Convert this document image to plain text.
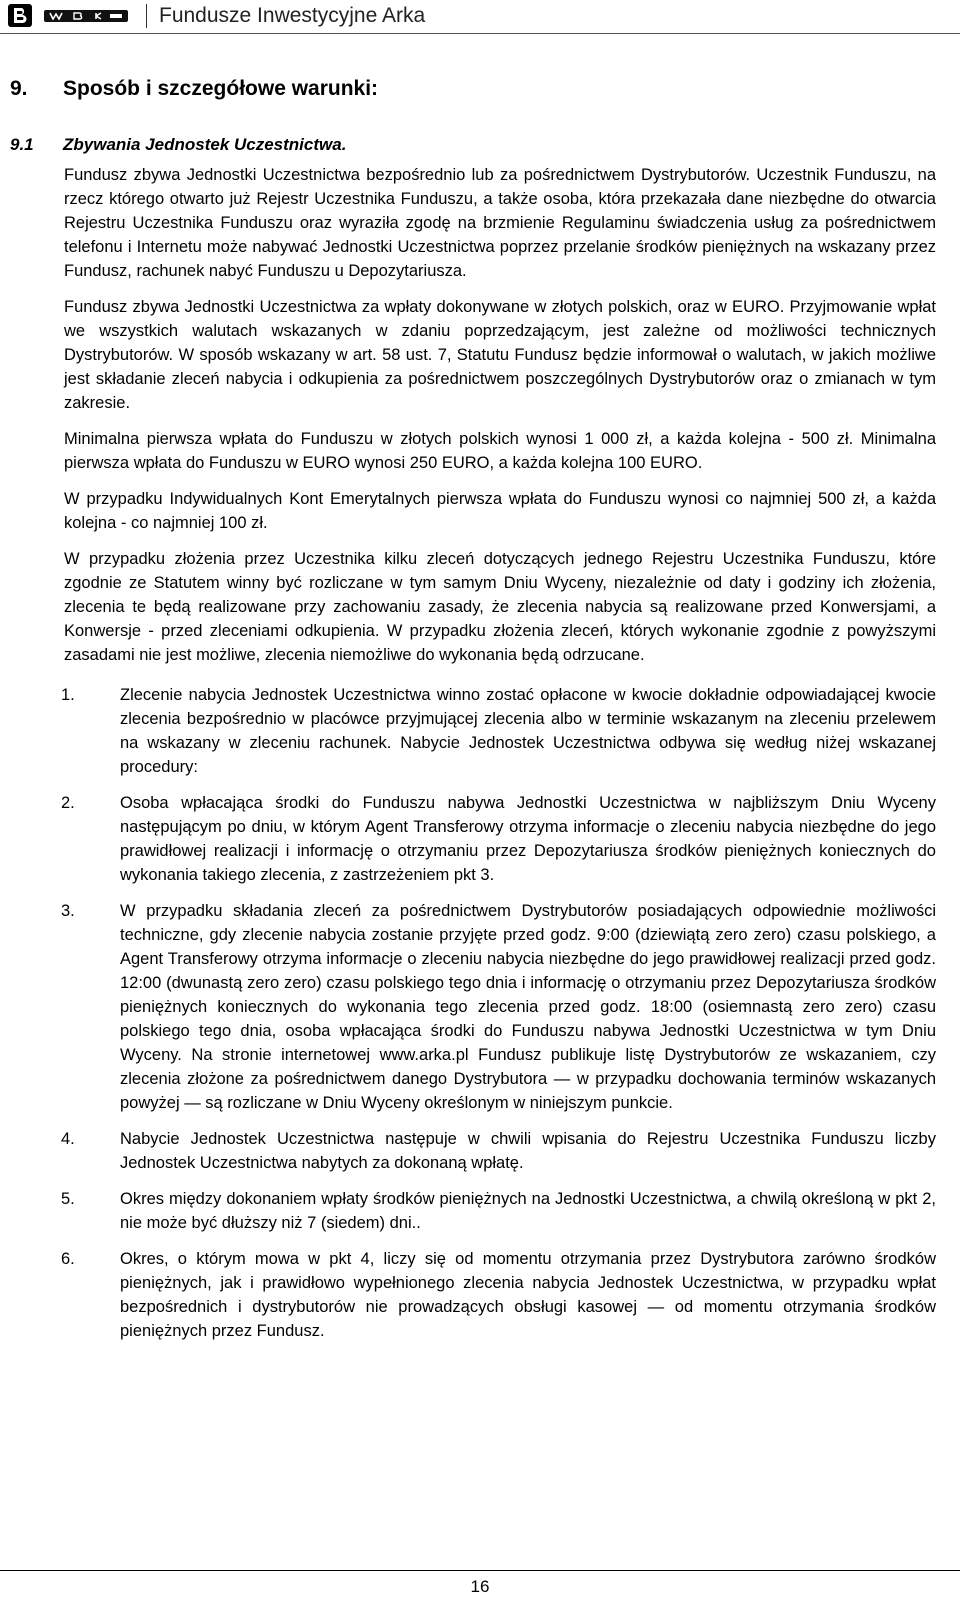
Fundusze Inwestycyjne Arka
9. Sposób i szczegółowe warunki:
9.1 Zbywania Jednostek Uczestnictwa.

Fundusz zbywa Jednostki Uczestnictwa bezpośrednio lub za pośrednictwem Dystrybutorów. Uczestnik Funduszu, na rzecz którego otwarto już Rejestr Uczestnika Funduszu, a także osoba, która przekazała dane niezbędne do otwarcia Rejestru Uczestnika Funduszu oraz wyraziła zgodę na brzmienie Regulaminu świadczenia usług za pośrednictwem telefonu i Internetu może nabywać Jednostki Uczestnictwa poprzez przelanie środków pieniężnych na wskazany przez Fundusz, rachunek nabyć Funduszu u Depozytariusza.

Fundusz zbywa Jednostki Uczestnictwa za wpłaty dokonywane w złotych polskich, oraz w EURO. Przyjmowanie wpłat we wszystkich walutach wskazanych w zdaniu poprzedzającym, jest zależne od możliwości technicznych Dystrybutorów. W sposób wskazany w art. 58 ust. 7, Statutu Fundusz będzie informował o walutach, w jakich możliwe jest składanie zleceń nabycia i odkupienia za pośrednictwem poszczególnych Dystrybutorów oraz o zmianach w tym zakresie.

Minimalna pierwsza wpłata do Funduszu w złotych polskich wynosi 1 000 zł, a każda kolejna - 500 zł. Minimalna pierwsza wpłata do Funduszu w EURO wynosi 250 EURO, a każda kolejna 100 EURO.

W przypadku Indywidualnych Kont Emerytalnych pierwsza wpłata do Funduszu wynosi co najmniej 500 zł, a każda kolejna - co najmniej 100 zł.

W przypadku złożenia przez Uczestnika kilku zleceń dotyczących jednego Rejestru Uczestnika Funduszu, które zgodnie ze Statutem winny być rozliczane w tym samym Dniu Wyceny, niezależnie od daty i godziny ich złożenia, zlecenia te będą realizowane przy zachowaniu zasady, że zlecenia nabycia są realizowane przed Konwersjami, a Konwersje - przed zleceniami odkupienia. W przypadku złożenia zleceń, których wykonanie zgodnie z powyższymi zasadami nie jest możliwe, zlecenia niemożliwe do wykonania będą odrzucane.

1.	Zlecenie nabycia Jednostek Uczestnictwa winno zostać opłacone w kwocie dokładnie odpowiadającej kwocie zlecenia bezpośrednio w placówce przyjmującej zlecenia albo w terminie wskazanym na zleceniu przelewem na wskazany w zleceniu rachunek. Nabycie Jednostek Uczestnictwa odbywa się według niżej wskazanej procedury:
2.	Osoba wpłacająca środki do Funduszu nabywa Jednostki Uczestnictwa w najbliższym Dniu Wyceny następującym po dniu, w którym Agent Transferowy otrzyma informacje o zleceniu nabycia niezbędne do jego prawidłowej realizacji i informację o otrzymaniu przez Depozytariusza środków pieniężnych koniecznych do wykonania takiego zlecenia, z zastrzeżeniem pkt 3.
3.	W przypadku składania zleceń za pośrednictwem Dystrybutorów posiadających odpowiednie możliwości techniczne, gdy zlecenie nabycia zostanie przyjęte przed godz. 9:00 (dziewiątą zero zero) czasu polskiego, a Agent Transferowy otrzyma informacje o zleceniu nabycia niezbędne do jego prawidłowej realizacji przed godz. 12:00 (dwunastą zero zero) czasu polskiego tego dnia i informację o otrzymaniu przez Depozytariusza środków pieniężnych koniecznych do wykonania tego zlecenia przed godz. 18:00 (osiemnastą zero zero) czasu polskiego tego dnia, osoba wpłacająca środki do Funduszu nabywa Jednostki Uczestnictwa w tym Dniu Wyceny. Na stronie internetowej www.arka.pl Fundusz publikuje listę Dystrybutorów ze wskazaniem, czy zlecenia złożone za pośrednictwem danego Dystrybutora — w przypadku dochowania terminów wskazanych powyżej — są rozliczane w Dniu Wyceny określonym w niniejszym punkcie.
4.	Nabycie Jednostek Uczestnictwa następuje w chwili wpisania do Rejestru Uczestnika Funduszu liczby Jednostek Uczestnictwa nabytych za dokonaną wpłatę.
5.	Okres między dokonaniem wpłaty środków pieniężnych na Jednostki Uczestnictwa, a chwilą określoną w pkt 2, nie może być dłuższy niż 7 (siedem) dni..
6.	Okres, o którym mowa w pkt 4, liczy się od momentu otrzymania przez Dystrybutora zarówno środków pieniężnych, jak i prawidłowo wypełnionego zlecenia nabycia Jednostek Uczestnictwa, w przypadku wpłat bezpośrednich i dystrybutorów nie prowadzących obsługi kasowej — od momentu otrzymania środków pieniężnych przez Fundusz.
16
